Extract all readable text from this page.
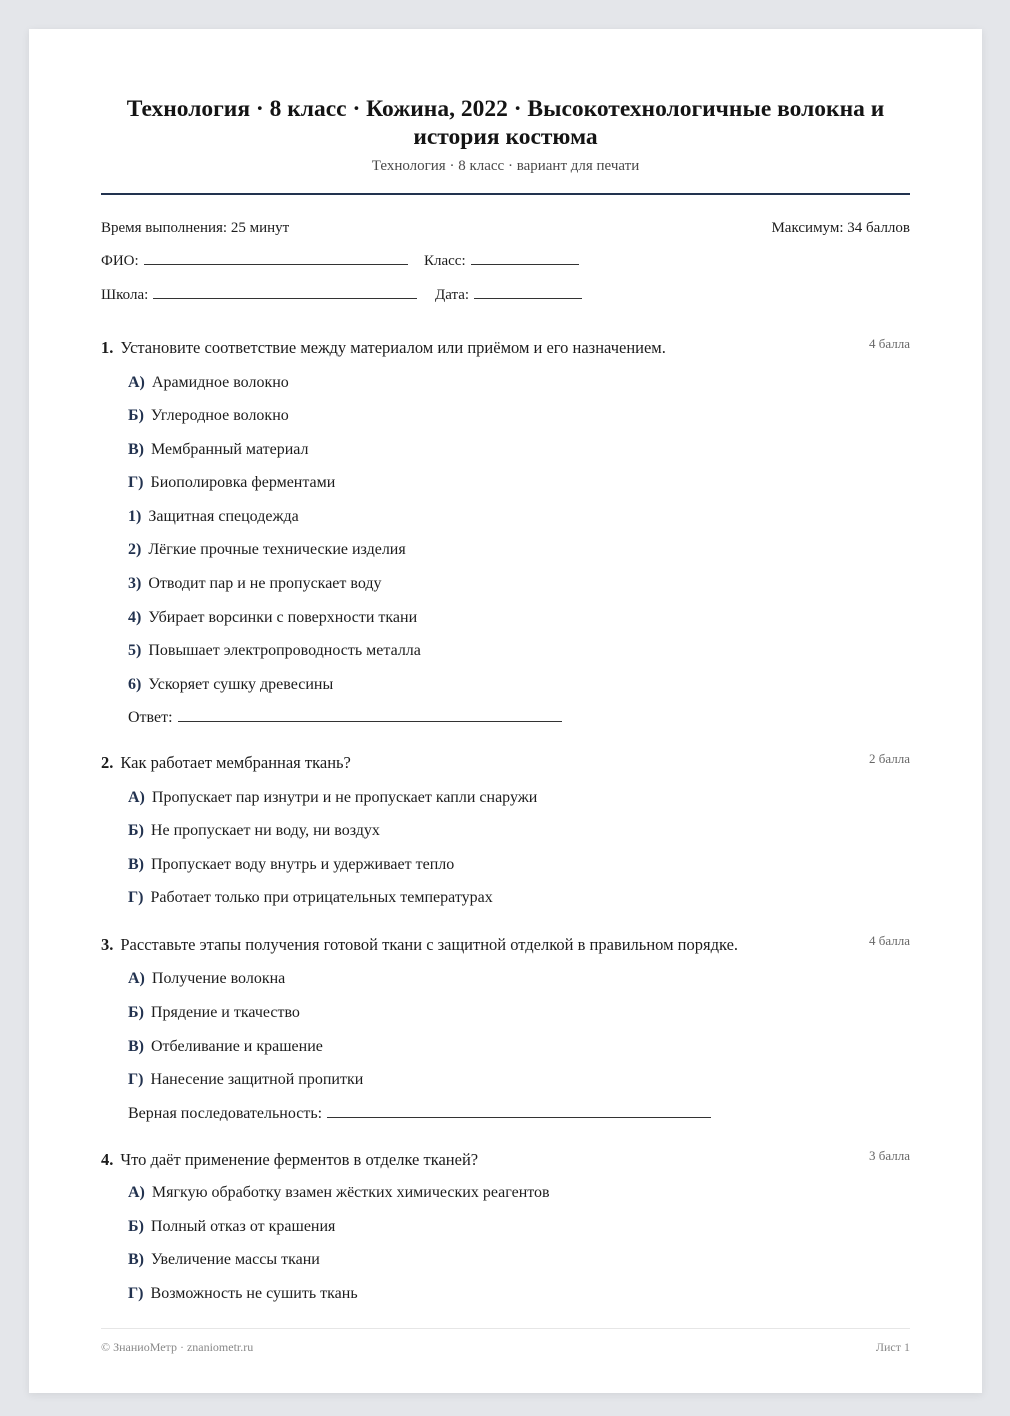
Технология · 8 класс · Кожина, 2022 · Высокотехнологичные волокна и история костюма
Технология · 8 класс · вариант для печати
Время выполнения: 25 минут	Максимум: 34 баллов
ФИО:	Класс:
Школа:	Дата:
1. Установите соответствие между материалом или приёмом и его назначением.	4 балла
А) Арамидное волокно
Б) Углеродное волокно
В) Мембранный материал
Г) Биополировка ферментами
1) Защитная спецодежда
2) Лёгкие прочные технические изделия
3) Отводит пар и не пропускает воду
4) Убирает ворсинки с поверхности ткани
5) Повышает электропроводность металла
6) Ускоряет сушку древесины
Ответ:
2. Как работает мембранная ткань?	2 балла
А) Пропускает пар изнутри и не пропускает капли снаружи
Б) Не пропускает ни воду, ни воздух
В) Пропускает воду внутрь и удерживает тепло
Г) Работает только при отрицательных температурах
3. Расставьте этапы получения готовой ткани с защитной отделкой в правильном порядке.	4 балла
А) Получение волокна
Б) Прядение и ткачество
В) Отбеливание и крашение
Г) Нанесение защитной пропитки
Верная последовательность:
4. Что даёт применение ферментов в отделке тканей?	3 балла
А) Мягкую обработку взамен жёстких химических реагентов
Б) Полный отказ от крашения
В) Увеличение массы ткани
Г) Возможность не сушить ткань
© ЗнаниоМетр · znaniometr.ru	Лист 1
